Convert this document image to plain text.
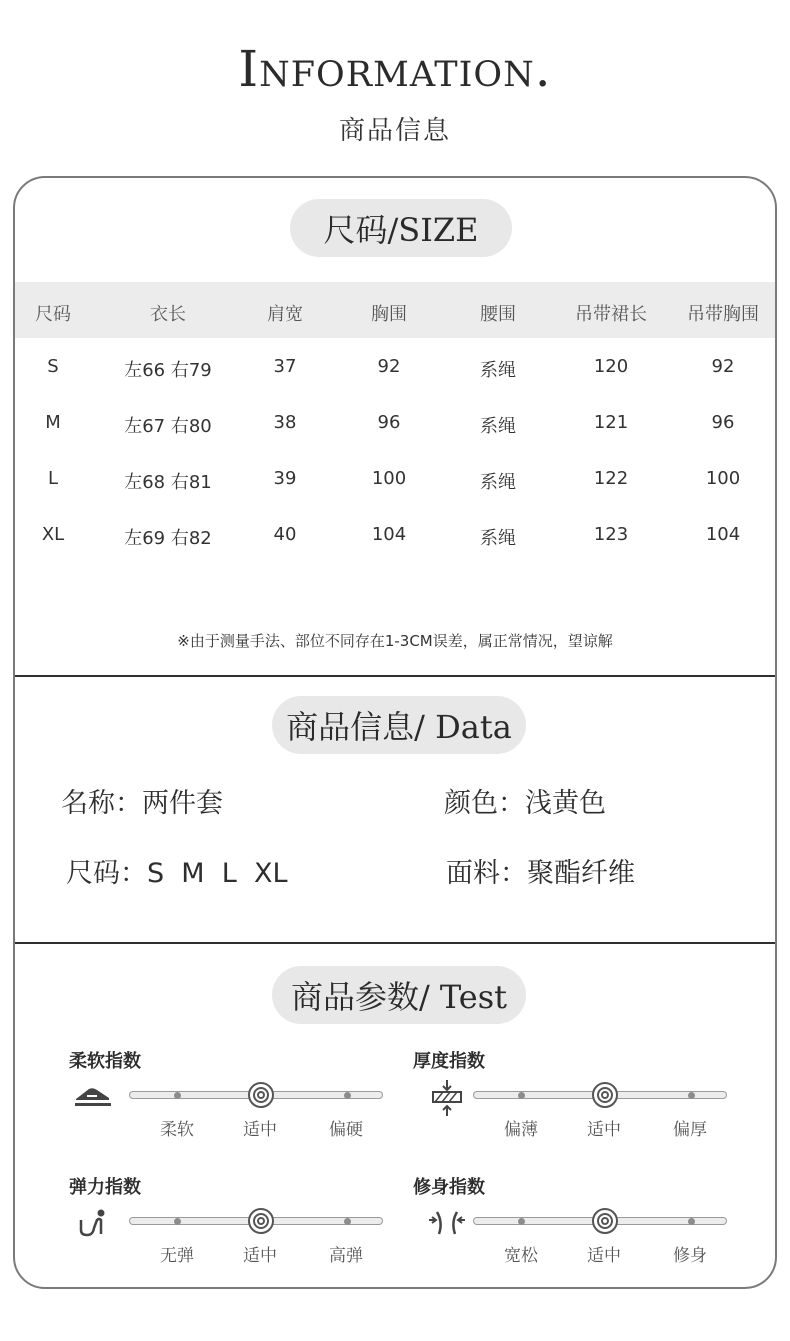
Information.
商品信息
尺码/SIZE
尺码	衣长	肩宽	胸围	腰围	吊带裙长 吊带胸围
S	左66 右79	37	92	系绳	120	92
M	左67 右80	38	96	系绳	121	96
L	左68 右81	39	100	系绳	122	100
XL	左69 右82	40	104	系绳	123	104
※由于测量手法、部位不同存在1-3CM误差，属正常情况，望谅解
商品信息/ Data
名称：两件套	颜色：浅黄色
尺码：S  M  L  XL	面料：聚酯纤维
商品参数/ Test
柔软指数
柔软	适中	偏硬
厚度指数
偏薄	适中	偏厚
弹力指数
无弹	适中	高弹
修身指数
宽松	适中	修身
